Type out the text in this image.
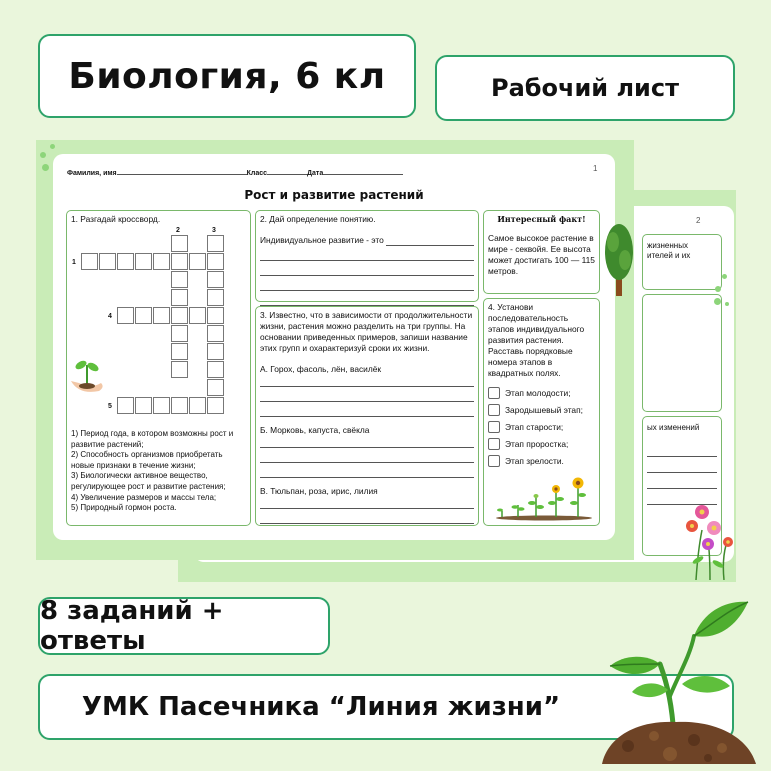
Биология, 6 кл	Рабочий лист
2
жизненных
ителей и их
ых изменений
Фамилия, имя	Класс	Дата
1
Рост и развитие растений
1. Разгадай кроссворд.
1
2	3
4
5
1) Период года, в котором возможны рост и развитие растений;
2) Способность организмов приобретать новые признаки в течение жизни;
3) Биологически активное вещество, регулирующее рост и развитие растения;
4) Увеличение размеров и массы тела;
5) Природный гормон роста.
2. Дай определение понятию.
Индивидуальное развитие - это
3. Известно, что в зависимости от продолжительности жизни, растения можно разделить на три группы. На основании приведенных примеров, запиши название этих групп и охарактеризуй сроки их жизни.
А. Горох, фасоль, лён, василёк
Б. Морковь, капуста, свёкла
В. Тюльпан, роза, ирис, лилия
Интересный факт!
Самое высокое растение в мире - секвойя. Ее высота может достигать 100 — 115 метров.
4. Установи последовательность этапов индивидуального развития растения. Расставь порядковые номера этапов в квадратных полях.
Этап молодости;
Зародышевый этап;
Этап старости;
Этап проростка;
Этап зрелости.
8 заданий + ответы
УМК Пасечника “Линия жизни”
